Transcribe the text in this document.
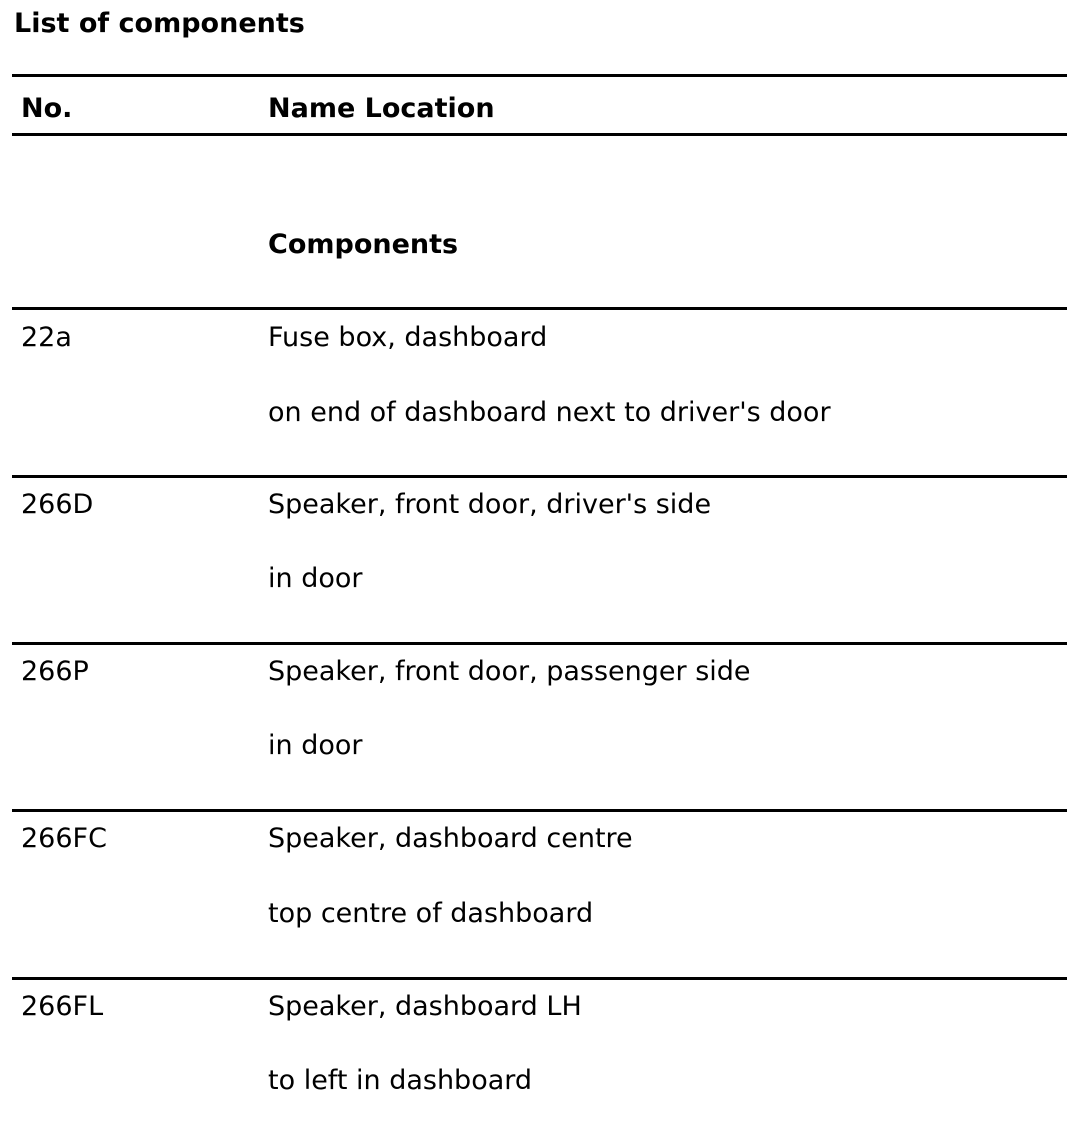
List of components
No.	Name Location
Components
22a	Fuse box, dashboard
on end of dashboard next to driver's door
266D	Speaker, front door, driver's side
in door
266P	Speaker, front door, passenger side
in door
266FC	Speaker, dashboard centre
top centre of dashboard
266FL	Speaker, dashboard LH
to left in dashboard
